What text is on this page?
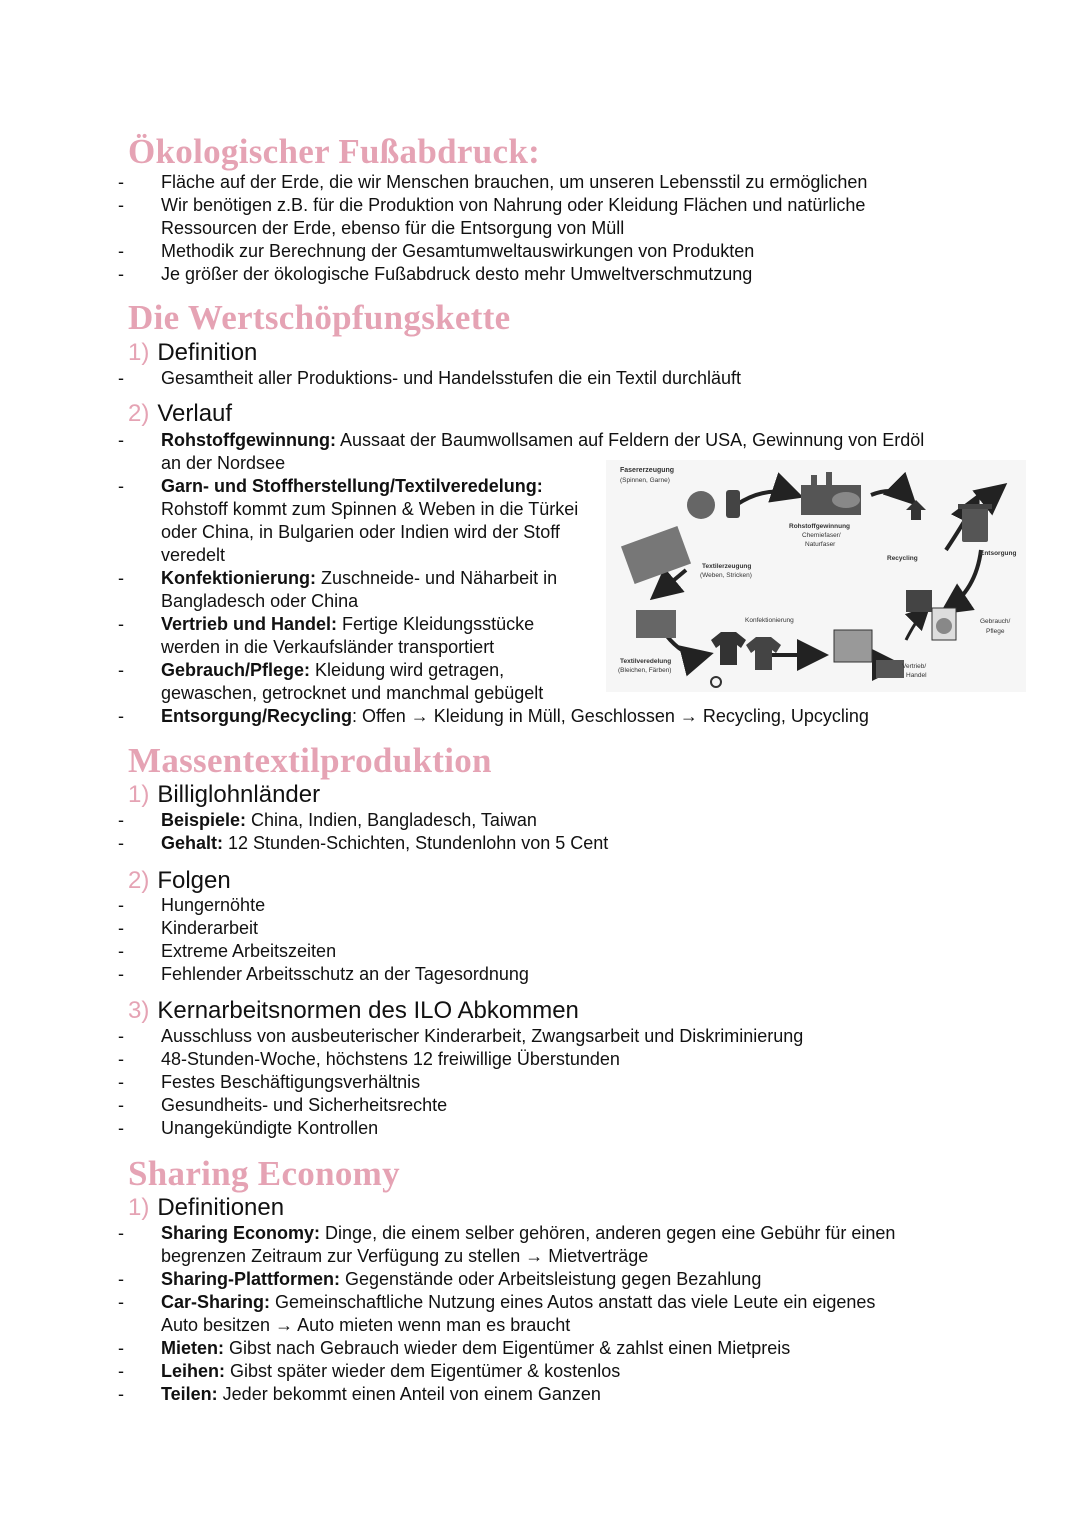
Ökologischer Fußabdruck:
- Fläche auf der Erde, die wir Menschen brauchen, um unseren Lebensstil zu ermöglichen
- Wir benötigen z.B. für die Produktion von Nahrung oder Kleidung Flächen und natürliche Ressourcen der Erde, ebenso für die Entsorgung von Müll
- Methodik zur Berechnung der Gesamtumweltauswirkungen von Produkten
- Je größer der ökologische Fußabdruck desto mehr Umweltverschmutzung
Die Wertschöpfungskette
1) Definition
- Gesamtheit aller Produktions- und Handelsstufen die ein Textil durchläuft
2) Verlauf
- Rohstoffgewinnung: Aussaat der Baumwollsamen auf Feldern der USA, Gewinnung von Erdöl an der Nordsee
- Garn- und Stoffherstellung/Textilveredelung: Rohstoff kommt zum Spinnen & Weben in die Türkei oder China, in Bulgarien oder Indien wird der Stoff veredelt
- Konfektionierung: Zuschneide- und Näharbeit in Bangladesch oder China
- Vertrieb und Handel: Fertige Kleidungsstücke werden in die Verkaufsländer transportiert
- Gebrauch/Pflege: Kleidung wird getragen, gewaschen, getrocknet und manchmal gebügelt
- Entsorgung/Recycling: Offen → Kleidung in Müll, Geschlossen → Recycling, Upcycling
Fasererzeugung
(Spinnen, Garne)
Rohstoffgewinnung
Chemiefaser/
Naturfaser
Recycling
Entsorgung
Textilerzeugung
(Weben, Stricken)
Konfektionierung	Gebrauch/
Pflege
Textilveredelung
(Bleichen, Färben)
Vertrieb/
Handel
Massentextilproduktion
1) Billiglohnländer
- Beispiele: China, Indien, Bangladesch, Taiwan
- Gehalt: 12 Stunden-Schichten, Stundenlohn von 5 Cent
2) Folgen
- Hungernöhte
- Kinderarbeit
- Extreme Arbeitszeiten
- Fehlender Arbeitsschutz an der Tagesordnung
3) Kernarbeitsnormen des ILO Abkommen
- Ausschluss von ausbeuterischer Kinderarbeit, Zwangsarbeit und Diskriminierung
- 48-Stunden-Woche, höchstens 12 freiwillige Überstunden
- Festes Beschäftigungsverhältnis
- Gesundheits- und Sicherheitsrechte
- Unangekündigte Kontrollen
Sharing Economy
1) Definitionen
- Sharing Economy: Dinge, die einem selber gehören, anderen gegen eine Gebühr für einen begrenzen Zeitraum zur Verfügung zu stellen → Mietverträge
- Sharing-Plattformen: Gegenstände oder Arbeitsleistung gegen Bezahlung
- Car-Sharing: Gemeinschaftliche Nutzung eines Autos anstatt das viele Leute ein eigenes Auto besitzen → Auto mieten wenn man es braucht
- Mieten: Gibst nach Gebrauch wieder dem Eigentümer & zahlst einen Mietpreis
- Leihen: Gibst später wieder dem Eigentümer & kostenlos
- Teilen: Jeder bekommt einen Anteil von einem Ganzen
